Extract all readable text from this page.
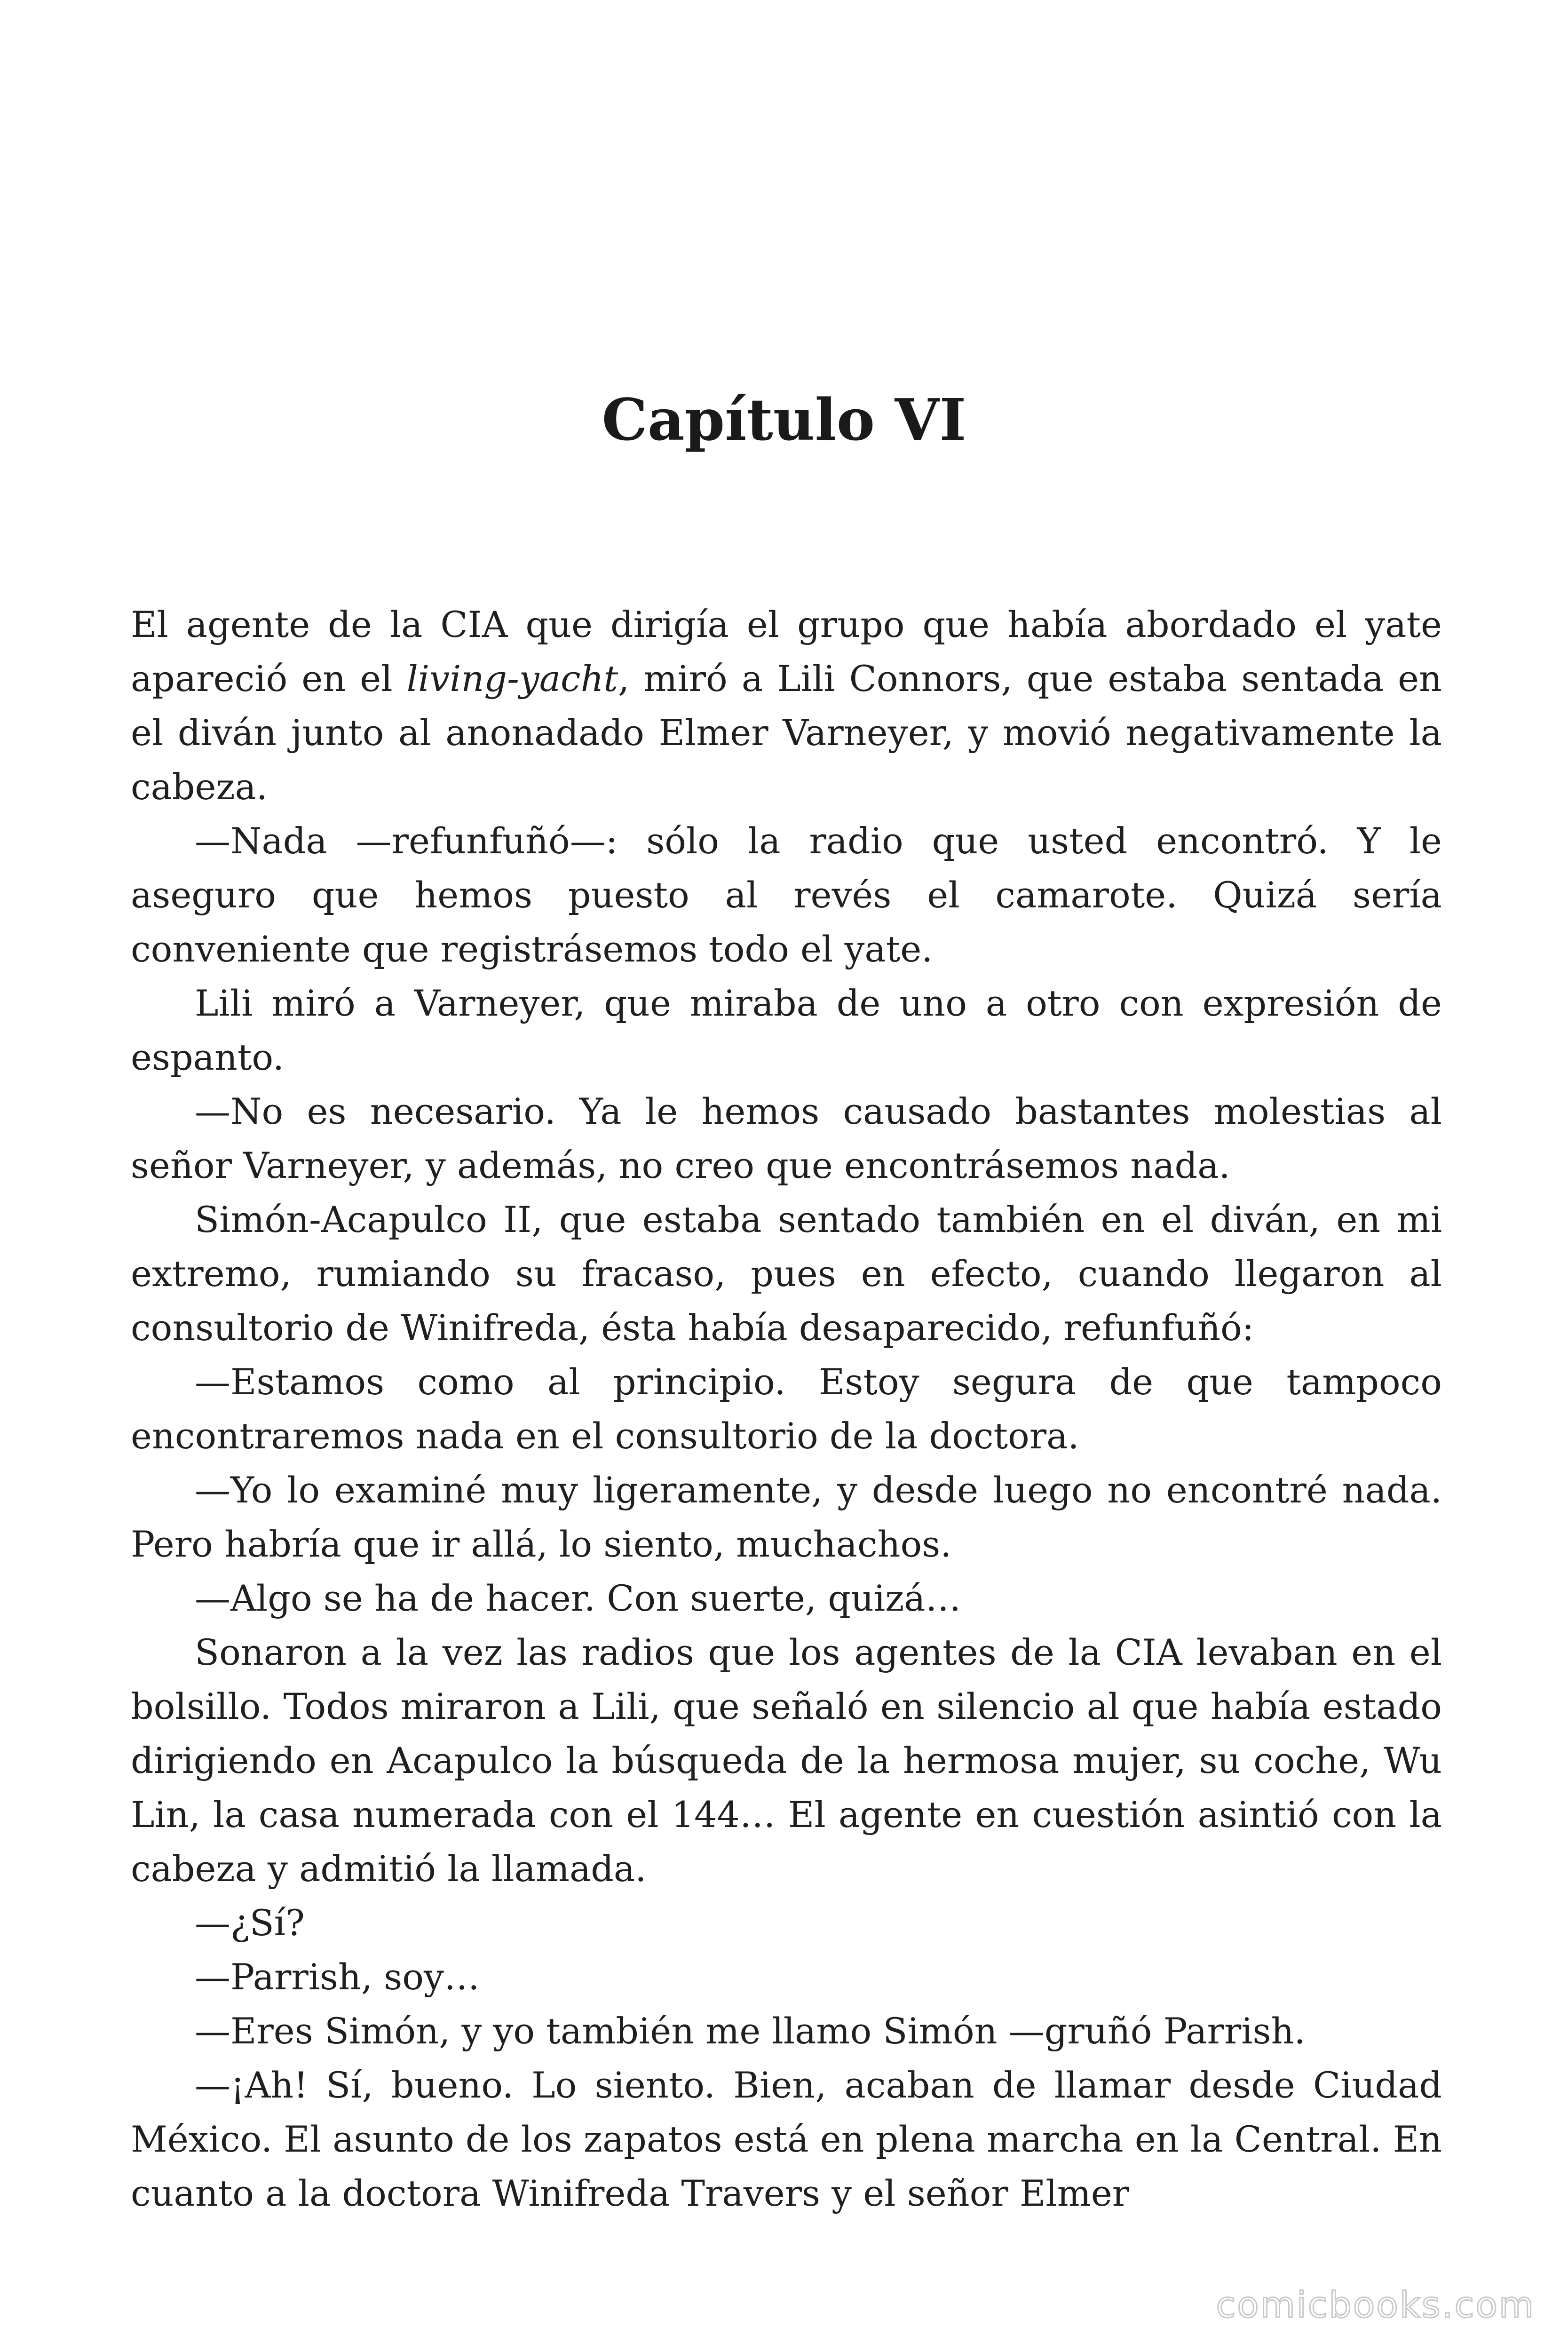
Capítulo VI

El agente de la CIA que dirigía el grupo que había abordado el yate apareció en el living-yacht, miró a Lili Connors, que estaba sentada en el diván junto al anonadado Elmer Varneyer, y movió negativamente la cabeza.

—Nada —refunfuñó—: sólo la radio que usted encontró. Y le aseguro que hemos puesto al revés el camarote. Quizá sería conveniente que registrásemos todo el yate.

Lili miró a Varneyer, que miraba de uno a otro con expresión de espanto.

—No es necesario. Ya le hemos causado bastantes molestias al señor Varneyer, y además, no creo que encontrásemos nada.

Simón-Acapulco II, que estaba sentado también en el diván, en mi extremo, rumiando su fracaso, pues en efecto, cuando llegaron al consultorio de Winifreda, ésta había desaparecido, refunfuñó:

—Estamos como al principio. Estoy segura de que tampoco encontraremos nada en el consultorio de la doctora.

—Yo lo examiné muy ligeramente, y desde luego no encontré nada. Pero habría que ir allá, lo siento, muchachos.

—Algo se ha de hacer. Con suerte, quizá…

Sonaron a la vez las radios que los agentes de la CIA levaban en el bolsillo. Todos miraron a Lili, que señaló en silencio al que había estado dirigiendo en Acapulco la búsqueda de la hermosa mujer, su coche, Wu Lin, la casa numerada con el 144… El agente en cuestión asintió con la cabeza y admitió la llamada.

—¿Sí?

—Parrish, soy…

—Eres Simón, y yo también me llamo Simón —gruñó Parrish.

—¡Ah! Sí, bueno. Lo siento. Bien, acaban de llamar desde Ciudad México. El asunto de los zapatos está en plena marcha en la Central. En cuanto a la doctora Winifreda Travers y el señor Elmer

comicbooks.com
